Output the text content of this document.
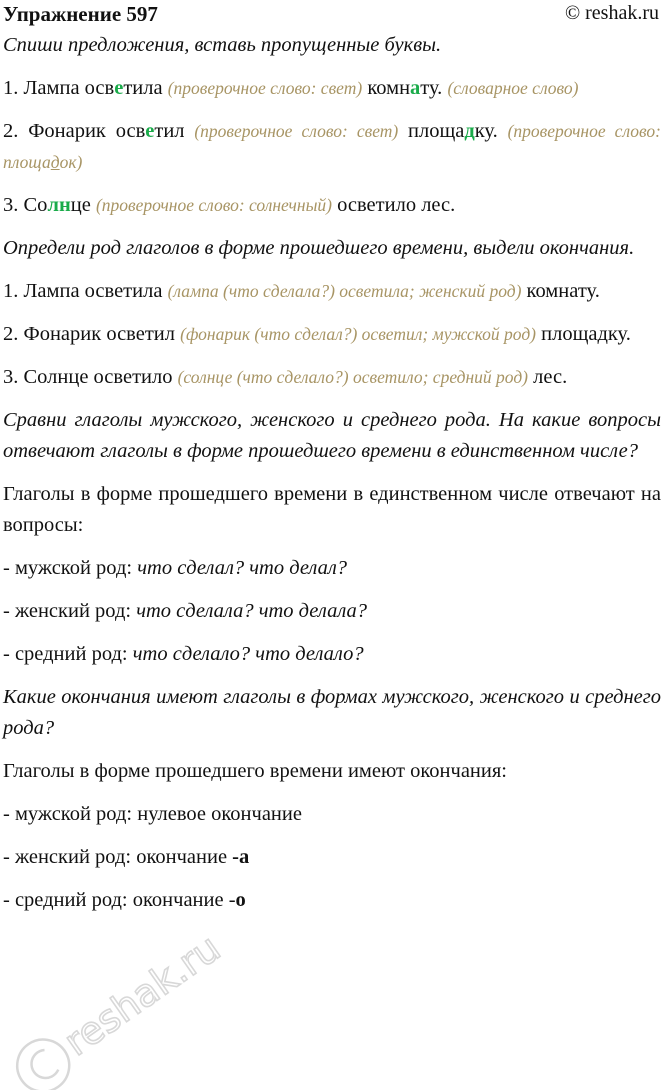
Упражнение 597	© reshak.ru

Спиши предложения, вставь пропущенные буквы.

1. Лампа осветила (проверочное слово: свет) комнату. (словарное слово)

2. Фонарик осветил (проверочное слово: свет) площадку. (проверочное слово: площадок)

3. Солнце (проверочное слово: солнечный) осветило лес.

Определи род глаголов в форме прошедшего времени, выдели окончания.

1. Лампа осветила (лампа (что сделала?) осветила; женский род) комнату.

2. Фонарик осветил (фонарик (что сделал?) осветил; мужской род) площадку.

3. Солнце осветило (солнце (что сделало?) осветило; средний род) лес.

Сравни глаголы мужского, женского и среднего рода. На какие вопросы отвечают глаголы в форме прошедшего времени в единственном числе?

Глаголы в форме прошедшего времени в единственном числе отвечают на вопросы:

- мужской род: что сделал? что делал?

- женский род: что сделала? что делала?

- средний род: что сделало? что делало?

Какие окончания имеют глаголы в формах мужского, женского и среднего рода?

Глаголы в форме прошедшего времени имеют окончания:

- мужской род: нулевое окончание

- женский род: окончание -а

- средний род: окончание -о

reshak.ru
